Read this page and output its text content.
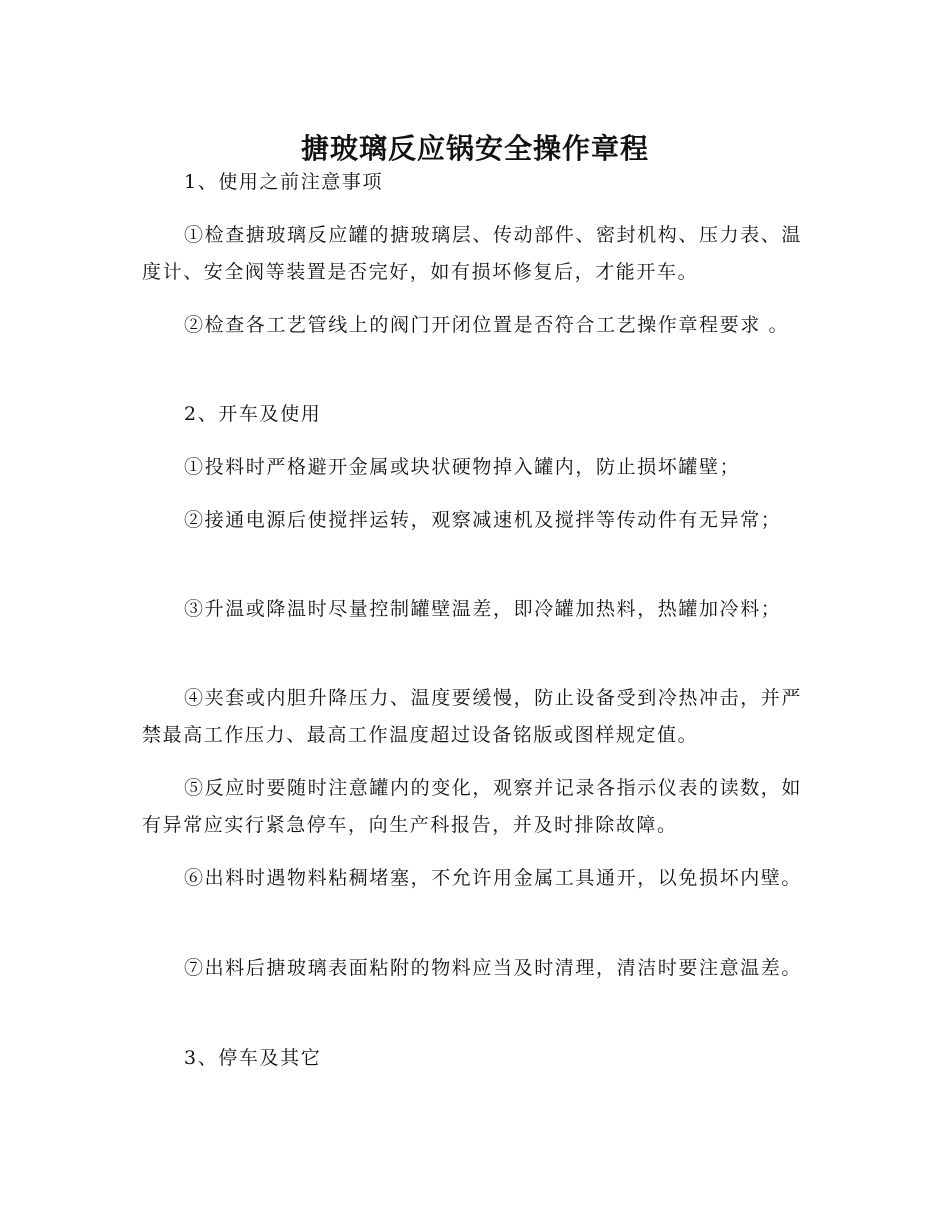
搪玻璃反应锅安全操作章程

1、使用之前注意事项

①检查搪玻璃反应罐的搪玻璃层、传动部件、密封机构、压力表、温度计、安全阀等装置是否完好，如有损坏修复后，才能开车。

②检查各工艺管线上的阀门开闭位置是否符合工艺操作章程要求 。

2、开车及使用

①投料时严格避开金属或块状硬物掉入罐内，防止损坏罐壁；

②接通电源后使搅拌运转，观察减速机及搅拌等传动件有无异常；

③升温或降温时尽量控制罐壁温差，即冷罐加热料，热罐加冷料；

④夹套或内胆升降压力、温度要缓慢，防止设备受到冷热冲击，并严禁最高工作压力、最高工作温度超过设备铭版或图样规定值。

⑤反应时要随时注意罐内的变化，观察并记录各指示仪表的读数，如有异常应实行紧急停车，向生产科报告，并及时排除故障。

⑥出料时遇物料粘稠堵塞，不允许用金属工具通开，以免损坏内壁。

⑦出料后搪玻璃表面粘附的物料应当及时清理，清洁时要注意温差。

3、停车及其它
